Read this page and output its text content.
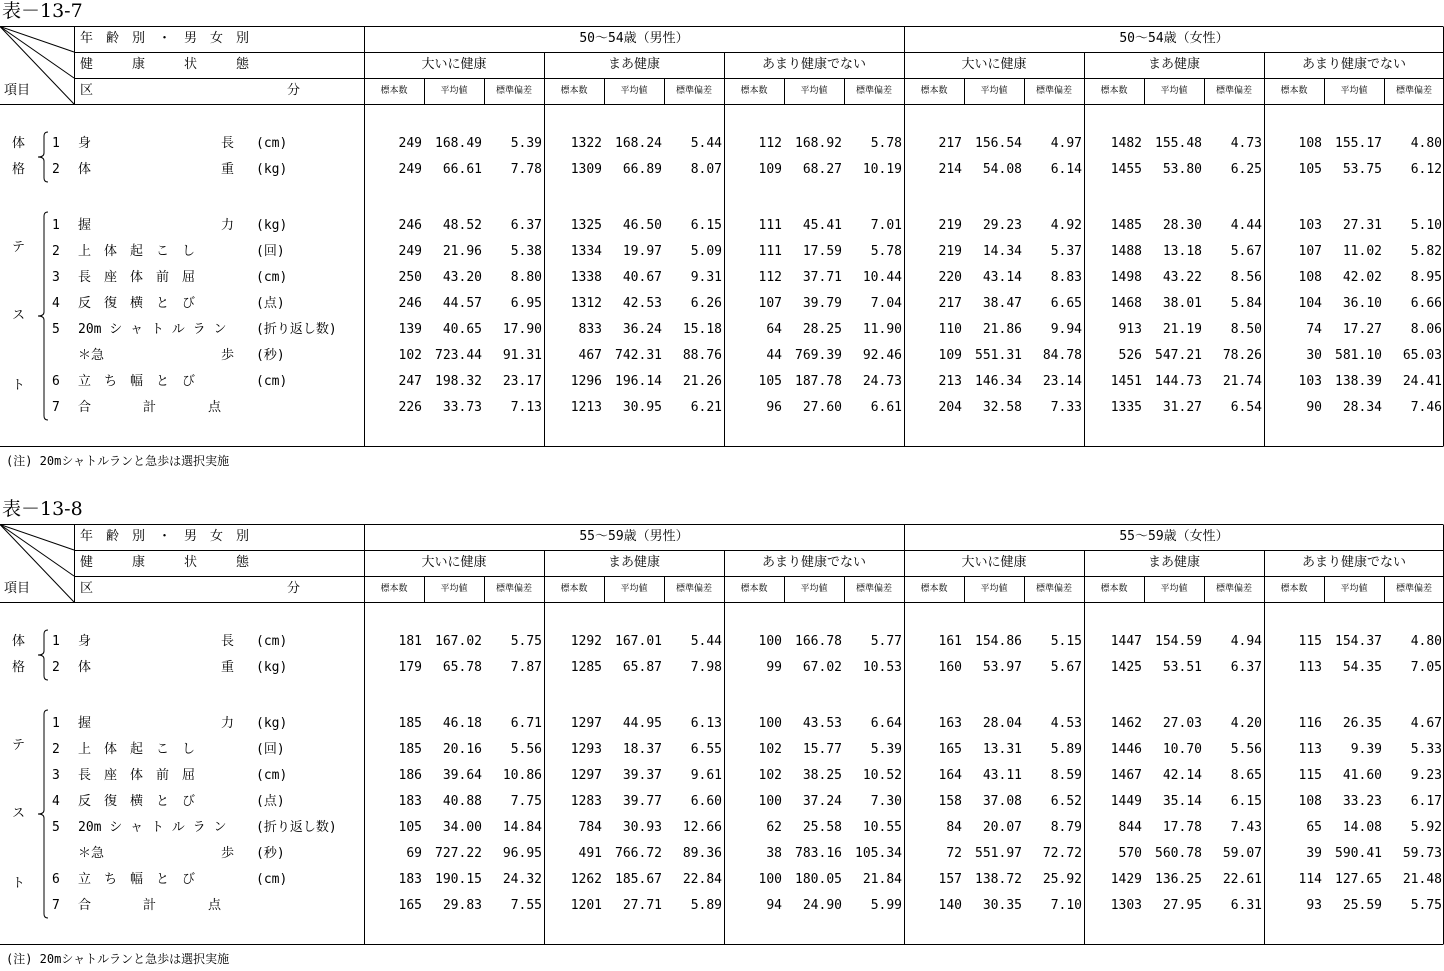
表－13-7
年　齢　別　・　男　女　別
健　　　康　　　状　　　態
項目	区	分
50～54歳（男性）	50～54歳（女性）
大いに健康
標本数	平均値	標準偏差
まあ健康
標本数	平均値	標準偏差
あまり健康でない
標本数	平均値	標準偏差
大いに健康
標本数	平均値	標準偏差
まあ健康
標本数	平均値	標準偏差
あまり健康でない
標本数	平均値	標準偏差
体
格
テ
ス
ト
1 身　　　　　　　　　　長 (cm)	249	168.49	5.39	1322	168.24	5.44	112	168.92	5.78	217	156.54	4.97	1482	155.48	4.73	108	155.17	4.80
2 体　　　　　　　　　　重 (kg)	249	66.61	7.78	1309	66.89	8.07	109	68.27	10.19	214	54.08	6.14	1455	53.80	6.25	105	53.75	6.12
1 握　　　　　　　　　　力 (kg)	246	48.52	6.37	1325	46.50	6.15	111	45.41	7.01	219	29.23	4.92	1485	28.30	4.44	103	27.31	5.10
2 上　体　起　こ　し	(回)	249	21.96	5.38	1334	19.97	5.09	111	17.59	5.78	219	14.34	5.37	1488	13.18	5.67	107	11.02	5.82
3 長　座　体　前　屈	(cm)	250	43.20	8.80	1338	40.67	9.31	112	37.71	10.44	220	43.14	8.83	1498	43.22	8.56	108	42.02	8.95
4 反　復　横　と　び	(点)	246	44.57	6.95	1312	42.53	6.26	107	39.79	7.04	217	38.47	6.65	1468	38.01	5.84	104	36.10	6.66
5 20m シ ャ ト ル ラ ン (折り返し数)	139	40.65	17.90	833	36.24	15.18	64	28.25	11.90	110	21.86	9.94	913	21.19	8.50	74	17.27	8.06
＊急　　　　　　　　　歩 (秒)	102	723.44	91.31	467	742.31	88.76	44	769.39	92.46	109	551.31	84.78	526	547.21	78.26	30	581.10	65.03
6 立　ち　幅　と　び	(cm)	247	198.32	23.17	1296	196.14	21.26	105	187.78	24.73	213	146.34	23.14	1451	144.73	21.74	103	138.39	24.41
7 合　　　　計　　　　点	226	33.73	7.13	1213	30.95	6.21	96	27.60	6.61	204	32.58	7.33	1335	31.27	6.54	90	28.34	7.46
(注) 20mシャトルランと急歩は選択実施
表－13-8
年　齢　別　・　男　女　別
健　　　康　　　状　　　態
項目	区	分
55～59歳（男性）	55～59歳（女性）
大いに健康
標本数	平均値	標準偏差
まあ健康
標本数	平均値	標準偏差
あまり健康でない
標本数	平均値	標準偏差
大いに健康
標本数	平均値	標準偏差
まあ健康
標本数	平均値	標準偏差
あまり健康でない
標本数	平均値	標準偏差
体
格
テ
ス
ト
1 身　　　　　　　　　　長 (cm)	181	167.02	5.75	1292	167.01	5.44	100	166.78	5.77	161	154.86	5.15	1447	154.59	4.94	115	154.37	4.80
2 体　　　　　　　　　　重 (kg)	179	65.78	7.87	1285	65.87	7.98	99	67.02	10.53	160	53.97	5.67	1425	53.51	6.37	113	54.35	7.05
1 握　　　　　　　　　　力 (kg)	185	46.18	6.71	1297	44.95	6.13	100	43.53	6.64	163	28.04	4.53	1462	27.03	4.20	116	26.35	4.67
2 上　体　起　こ　し	(回)	185	20.16	5.56	1293	18.37	6.55	102	15.77	5.39	165	13.31	5.89	1446	10.70	5.56	113	9.39	5.33
3 長　座　体　前　屈	(cm)	186	39.64	10.86	1297	39.37	9.61	102	38.25	10.52	164	43.11	8.59	1467	42.14	8.65	115	41.60	9.23
4 反　復　横　と　び	(点)	183	40.88	7.75	1283	39.77	6.60	100	37.24	7.30	158	37.08	6.52	1449	35.14	6.15	108	33.23	6.17
5 20m シ ャ ト ル ラ ン (折り返し数)	105	34.00	14.84	784	30.93	12.66	62	25.58	10.55	84	20.07	8.79	844	17.78	7.43	65	14.08	5.92
＊急　　　　　　　　　歩 (秒)	69	727.22	96.95	491	766.72	89.36	38	783.16	105.34	72	551.97	72.72	570	560.78	59.07	39	590.41	59.73
6 立　ち　幅　と　び	(cm)	183	190.15	24.32	1262	185.67	22.84	100	180.05	21.84	157	138.72	25.92	1429	136.25	22.61	114	127.65	21.48
7 合　　　　計　　　　点	165	29.83	7.55	1201	27.71	5.89	94	24.90	5.99	140	30.35	7.10	1303	27.95	6.31	93	25.59	5.75
(注) 20mシャトルランと急歩は選択実施
